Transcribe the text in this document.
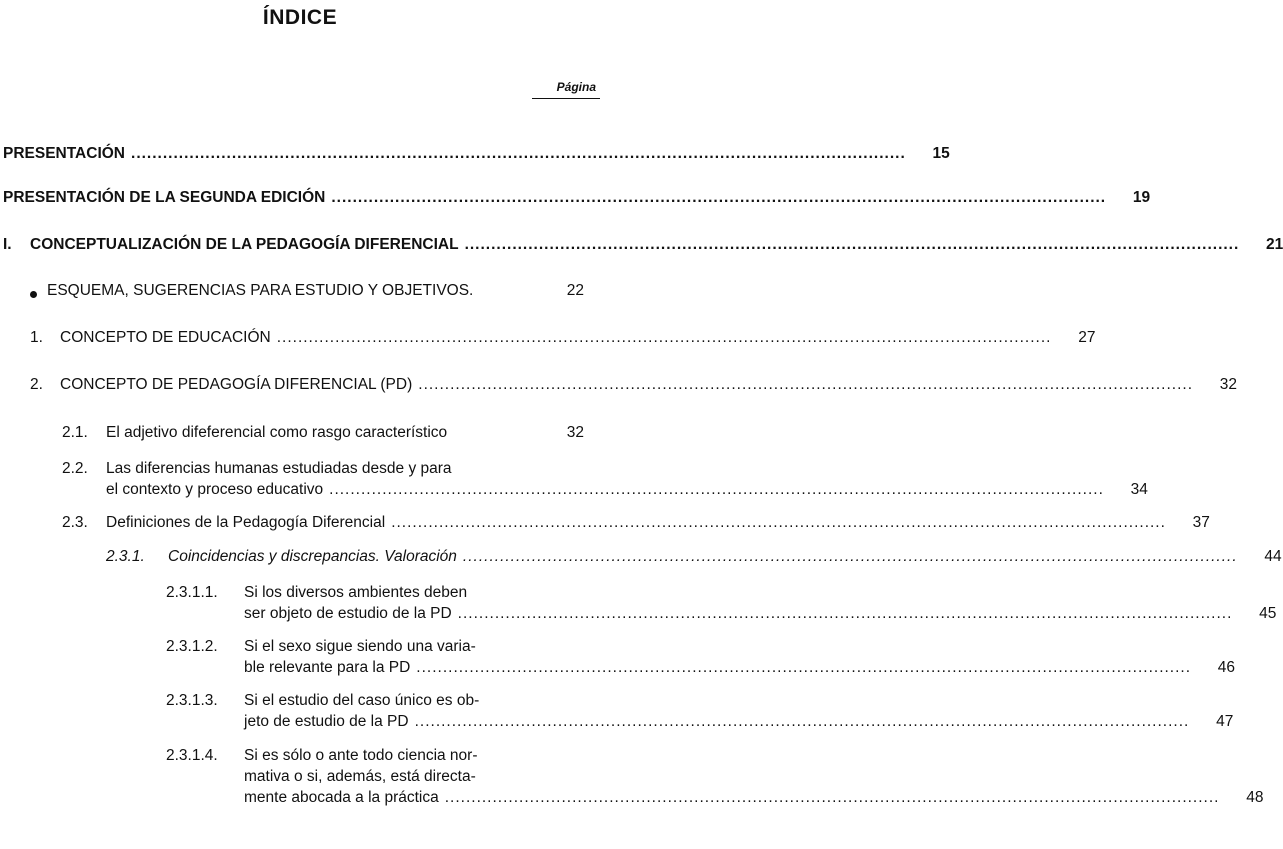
ÍNDICE
Página
PRESENTACIÓN ..................................................................................................................................................	15
PRESENTACIÓN DE LA SEGUNDA EDICIÓN ..................................................................................................................................................	19
I.	CONCEPTUALIZACIÓN DE LA PEDAGOGÍA DIFERENCIAL ..................................................................................................................................................	21
ESQUEMA, SUGERENCIAS PARA ESTUDIO Y OBJETIVOS.	22
1.	CONCEPTO DE EDUCACIÓN ..................................................................................................................................................	27
2.	CONCEPTO DE PEDAGOGÍA DIFERENCIAL (PD) ..................................................................................................................................................	32
2.1.	El adjetivo difeferencial como rasgo característico	32
2.2. Las diferencias humanas estudiadas desde y para
el contexto y proceso educativo ..................................................................................................................................................	34
2.3.	Definiciones de la Pedagogía Diferencial ..................................................................................................................................................	37
2.3.1.	Coincidencias y discrepancias. Valoración ..................................................................................................................................................	44
2.3.1.1. Si los diversos ambientes deben
ser objeto de estudio de la PD ..................................................................................................................................................	45
2.3.1.2. Si el sexo sigue siendo una varia-
ble relevante para la PD ..................................................................................................................................................	46
2.3.1.3. Si el estudio del caso único es ob-
jeto de estudio de la PD ..................................................................................................................................................	47
2.3.1.4. Si es sólo o ante todo ciencia nor-
mativa o si, además, está directa-
mente abocada a la práctica ..................................................................................................................................................	48
